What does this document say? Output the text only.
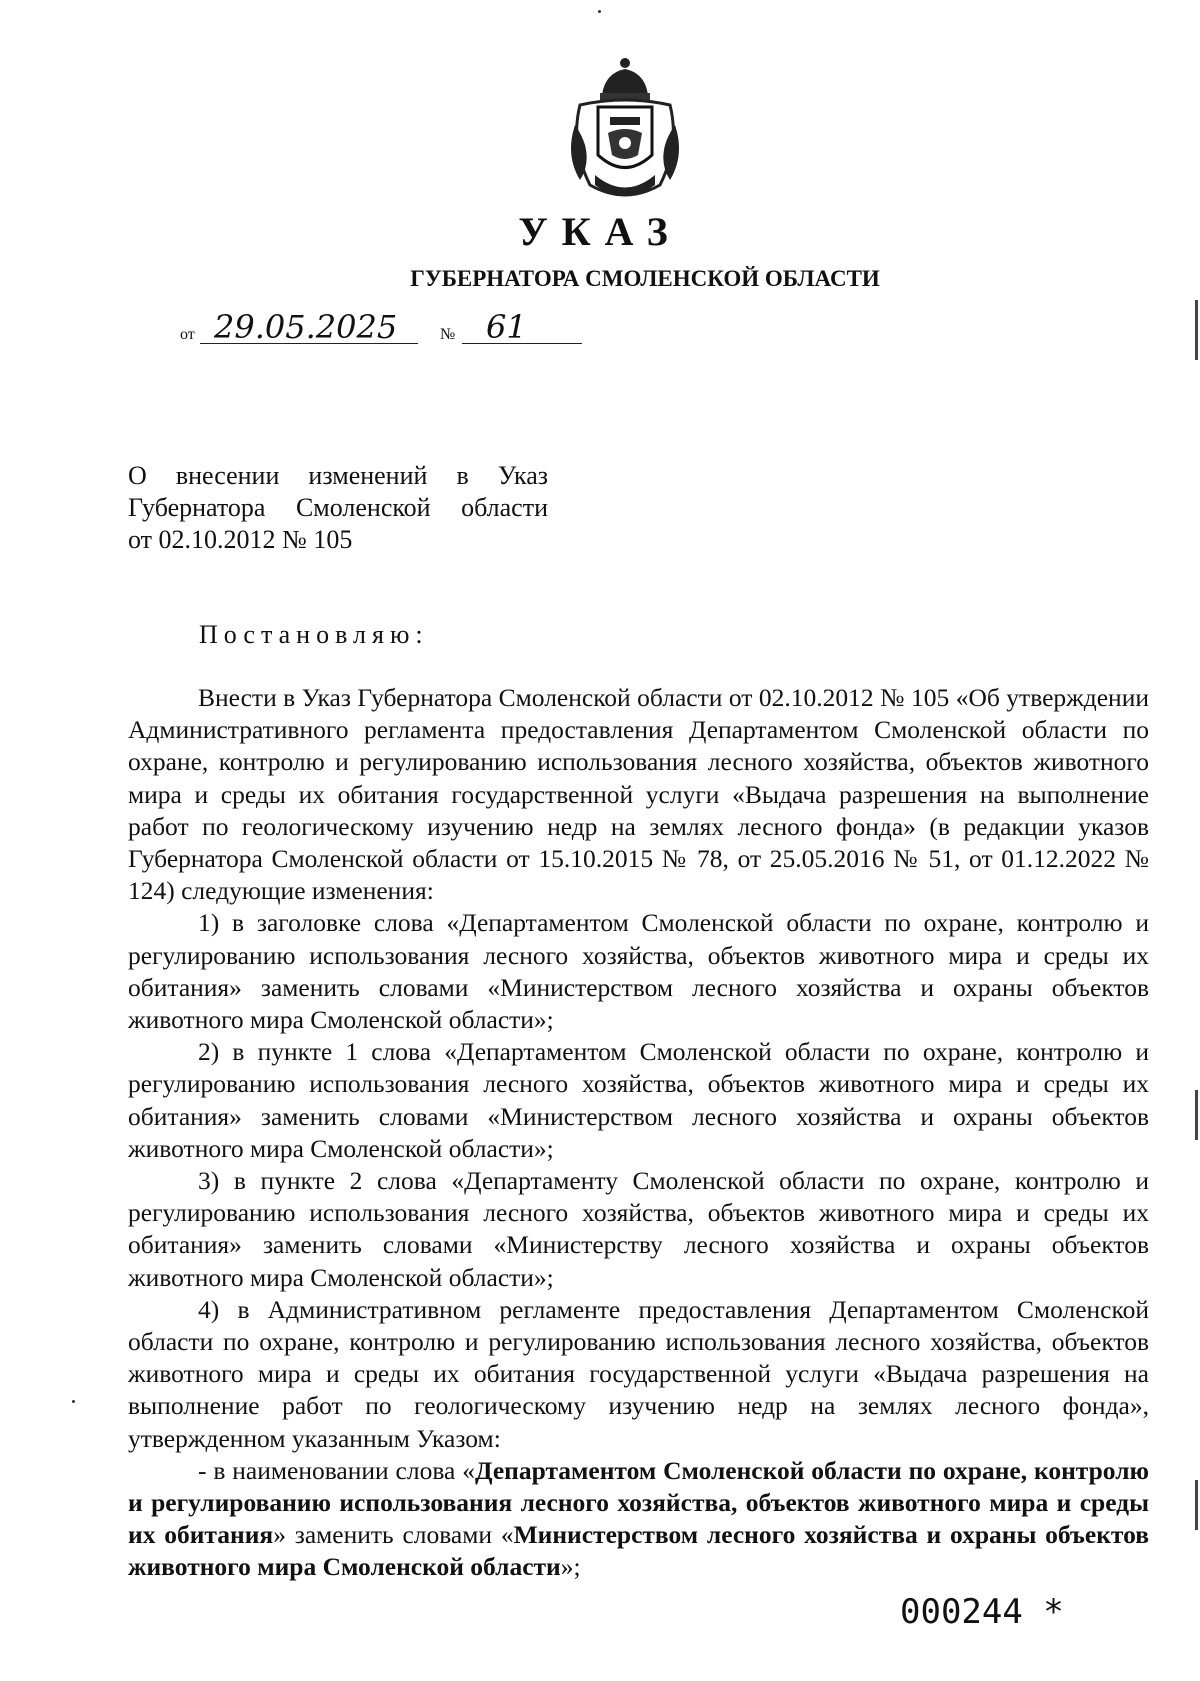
УКАЗ
ГУБЕРНАТОРА СМОЛЕНСКОЙ ОБЛАСТИ
от 29.05.2025	№ 61
О внесении изменений в Указ
Губернатора Смоленской области
от 02.10.2012 № 105
Постановляю:

Внести в Указ Губернатора Смоленской области от 02.10.2012 № 105 «Об утверждении Административного регламента предоставления Департаментом Смоленской области по охране, контролю и регулированию использования лесного хозяйства, объектов животного мира и среды их обитания государственной услуги «Выдача разрешения на выполнение работ по геологическому изучению недр на землях лесного фонда» (в редакции указов Губернатора Смоленской области от 15.10.2015 № 78, от 25.05.2016 № 51, от 01.12.2022 № 124) следующие изменения:

1) в заголовке слова «Департаментом Смоленской области по охране, контролю и регулированию использования лесного хозяйства, объектов животного мира и среды их обитания» заменить словами «Министерством лесного хозяйства и охраны объектов животного мира Смоленской области»;

2) в пункте 1 слова «Департаментом Смоленской области по охране, контролю и регулированию использования лесного хозяйства, объектов животного мира и среды их обитания» заменить словами «Министерством лесного хозяйства и охраны объектов животного мира Смоленской области»;

3) в пункте 2 слова «Департаменту Смоленской области по охране, контролю и регулированию использования лесного хозяйства, объектов животного мира и среды их обитания» заменить словами «Министерству лесного хозяйства и охраны объектов животного мира Смоленской области»;

4) в Административном регламенте предоставления Департаментом Смоленской области по охране, контролю и регулированию использования лесного хозяйства, объектов животного мира и среды их обитания государственной услуги «Выдача разрешения на выполнение работ по геологическому изучению недр на землях лесного фонда», утвержденном указанным Указом:

- в наименовании слова «Департаментом Смоленской области по охране, контролю и регулированию использования лесного хозяйства, объектов животного мира и среды их обитания» заменить словами «Министерством лесного хозяйства и охраны объектов животного мира Смоленской области»;

000244 *
